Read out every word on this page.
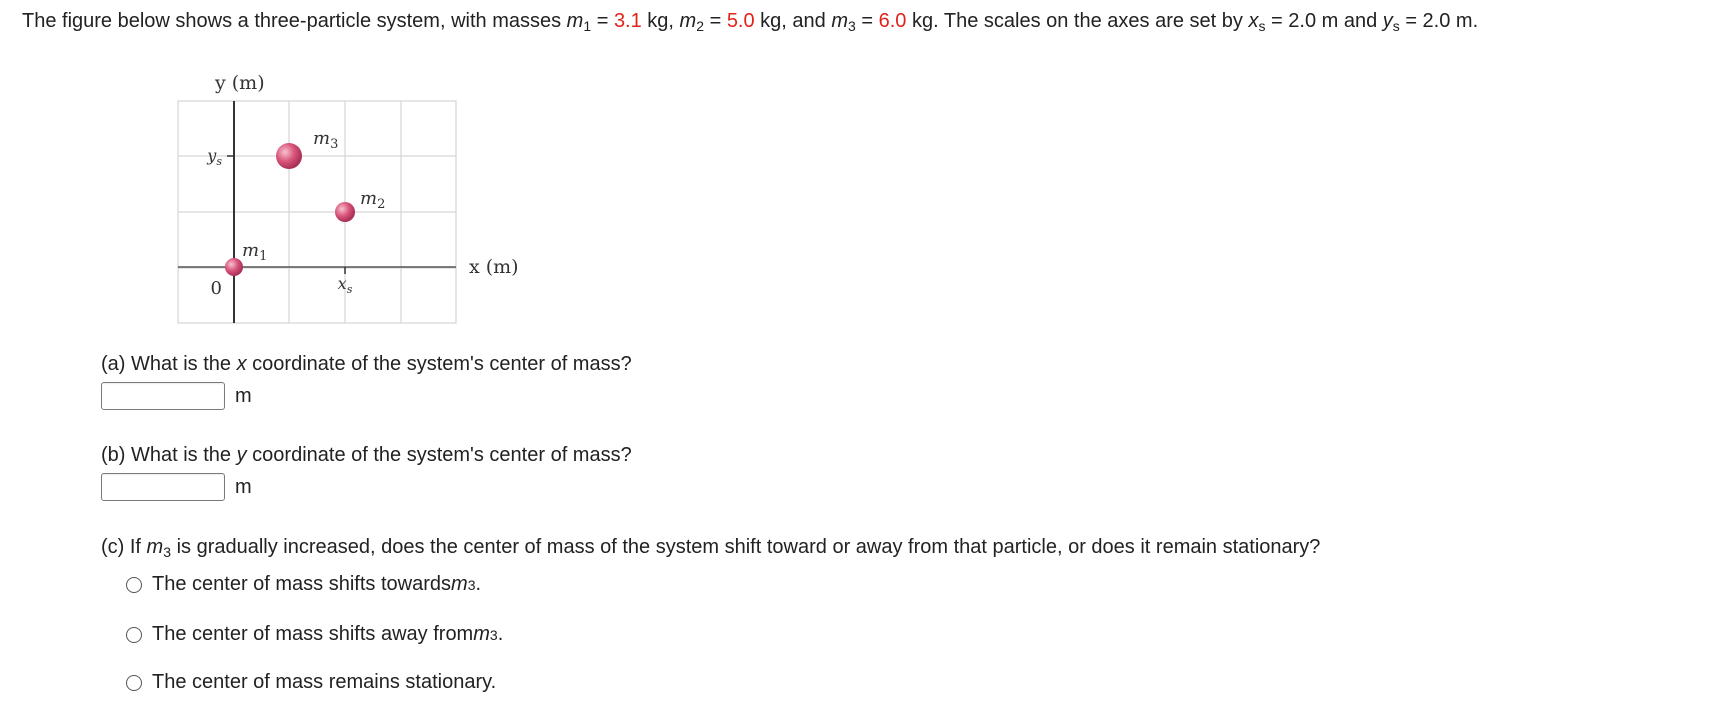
The figure below shows a three-particle system, with masses $m_1 = 3.1$ kg, $m_2 = 5.0$ kg, and $m_3 = 6.0$ kg. The scales on the axes are set by $x_s = 2.0$ m and $y_s = 2.0$ m.
y (m)
x (m)
$y_s$
$x_s$
0
$m_1$
$m_2$
$m_3$
(a) What is the x coordinate of the system's center of mass?
m
(b) What is the y coordinate of the system's center of mass?
m
(c) If $m_3$ is gradually increased, does the center of mass of the system shift toward or away from that particle, or does it remain stationary?
The center of mass shifts towards m 3 .
The center of mass shifts away from m 3 .
The center of mass remains stationary.
